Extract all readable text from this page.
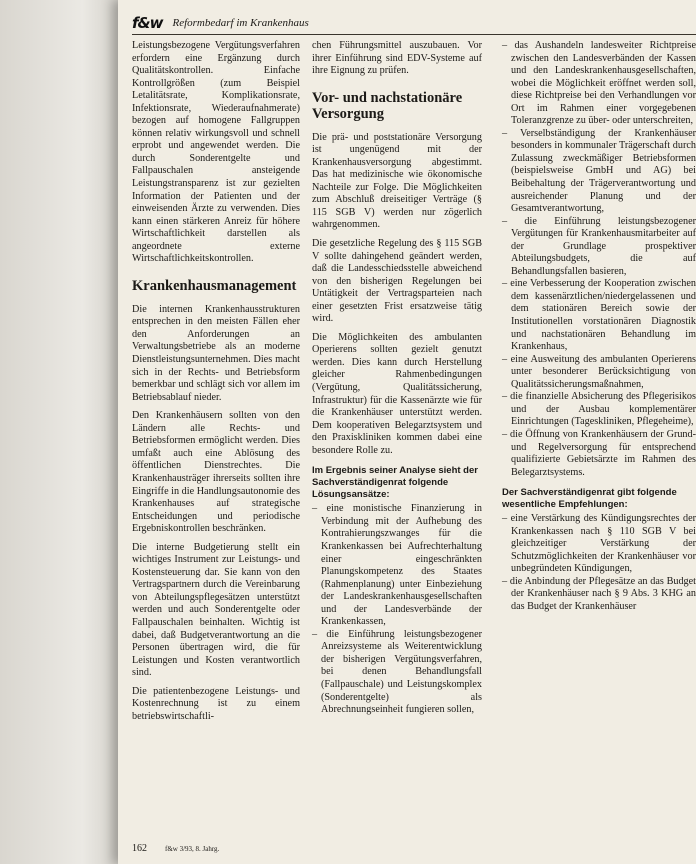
f&w Reformbedarf im Krankenhaus

Leistungsbezogene Vergütungsverfahren erfordern eine Ergänzung durch Qualitätskontrollen. Einfache Kontrollgrößen (zum Beispiel Letalitätsrate, Komplikationsrate, Infektionsrate, Wiederaufnahmerate) bezogen auf homogene Fallgruppen können relativ wirkungsvoll und schnell erprobt und angewendet werden. Die durch Sonderentgelte und Fallpauschalen ansteigende Leistungstransparenz ist zur gezielten Information der Patienten und der einweisenden Ärzte zu verwenden. Dies kann einen stärkeren Anreiz für höhere Wirtschaftlichkeit darstellen als angeordnete externe Wirtschaftlichkeitskontrollen.

Krankenhausmanagement

Die internen Krankenhausstrukturen entsprechen in den meisten Fällen eher den Anforderungen an Verwaltungsbetriebe als an moderne Dienstleistungsunternehmen. Dies macht sich in der Rechts- und Betriebsform bemerkbar und schlägt sich vor allem im Betriebsablauf nieder.

Den Krankenhäusern sollten von den Ländern alle Rechts- und Betriebsformen ermöglicht werden. Dies umfaßt auch eine Ablösung des öffentlichen Dienstrechtes. Die Krankenhausträger ihrerseits sollten ihre Eingriffe in die Handlungsautonomie des Krankenhauses auf strategische Entscheidungen und periodische Ergebniskontrollen beschränken.

Die interne Budgetierung stellt ein wichtiges Instrument zur Leistungs- und Kostensteuerung dar. Sie kann von den Vertragspartnern durch die Vereinbarung von Abteilungspflegesätzen unterstützt werden und auch Sonderentgelte oder Fallpauschalen beinhalten. Wichtig ist dabei, daß Budgetverantwortung an die Personen übertragen wird, die für Leistungen und Kosten verantwortlich sind.

Die patientenbezogene Leistungs- und Kostenrechnung ist zu einem betriebswirtschaftli-

chen Führungsmittel auszubauen. Vor ihrer Einführung sind EDV-Systeme auf ihre Eignung zu prüfen.

Vor- und nachstationäre Versorgung

Die prä- und poststationäre Versorgung ist ungenügend mit der Krankenhausversorgung abgestimmt. Das hat medizinische wie ökonomische Nachteile zur Folge. Die Möglichkeiten zum Abschluß dreiseitiger Verträge (§ 115 SGB V) werden nur zögerlich wahrgenommen.

Die gesetzliche Regelung des § 115 SGB V sollte dahingehend geändert werden, daß die Landesschiedsstelle abweichend von den bisherigen Regelungen bei Untätigkeit der Vertragsparteien nach einer gesetzten Frist ersatzweise tätig wird.

Die Möglichkeiten des ambulanten Operierens sollten gezielt genutzt werden. Dies kann durch Herstellung gleicher Rahmenbedingungen (Vergütung, Qualitätssicherung, Infrastruktur) für die Kassenärzte wie für die Krankenhäuser unterstützt werden. Dem kooperativen Belegarztsystem und den Praxiskliniken kommen dabei eine besondere Rolle zu.

Im Ergebnis seiner Analyse sieht der Sachverständigenrat folgende Lösungsansätze:
– eine monistische Finanzierung in Verbindung mit der Aufhebung des Kontrahierungszwanges für die Krankenkassen bei Aufrechterhaltung einer eingeschränkten Planungskompetenz des Staates (Rahmenplanung) unter Einbeziehung der Landeskrankenhausgesellschaften und der Landesverbände der Krankenkassen,
– die Einführung leistungsbezogener Anreizsysteme als Weiterentwicklung der bisherigen Vergütungsverfahren, bei denen Behandlungsfall (Fallpauschale) und Leistungskomplex (Sonderentgelte) als Abrechnungseinheit fungieren sollen,
– das Aushandeln landesweiter Richtpreise zwischen den Landesverbänden der Kassen und den Landeskrankenhausgesellschaften, wobei die Möglichkeit eröffnet werden soll, diese Richtpreise bei den Verhandlungen vor Ort im Rahmen einer vorgegebenen Toleranzgrenze zu über- oder unterschreiten,
– Verselbständigung der Krankenhäuser besonders in kommunaler Trägerschaft durch Zulassung zweckmäßiger Betriebsformen (beispielsweise GmbH und AG) bei Beibehaltung der Trägerverantwortung und ausreichender Planung und der Gesamtverantwortung,
– die Einführung leistungsbezogener Vergütungen für Krankenhausmitarbeiter auf der Grundlage prospektiver Abteilungsbudgets, die auf Behandlungsfallen basieren,
– eine Verbesserung der Kooperation zwischen dem kassenärztlichen/niedergelassenen und dem stationären Bereich sowie der Institutionellen vorstationären Diagnostik und nachstationären Behandlung im Krankenhaus,
– eine Ausweitung des ambulanten Operierens unter besonderer Berücksichtigung von Qualitätssicherungsmaßnahmen,
– die finanzielle Absicherung des Pflegerisikos und der Ausbau komplementärer Einrichtungen (Tageskliniken, Pflegeheime),
– die Öffnung von Krankenhäusern der Grund- und Regelversorgung für entsprechend qualifizierte Gebietsärzte im Rahmen des Belegarztsystems.
Der Sachverständigenrat gibt folgende wesentliche Empfehlungen:
– eine Verstärkung des Kündigungsrechtes der Krankenkassen nach § 110 SGB V bei gleichzeitiger Verstärkung der Schutzmöglichkeiten der Krankenhäuser vor unbegründeten Kündigungen,
– die Anbindung der Pflegesätze an das Budget der Krankenhäuser nach § 9 Abs. 3 KHG an das Budget der Krankenhäuser
162	f&w 3/93, 8. Jahrg.
